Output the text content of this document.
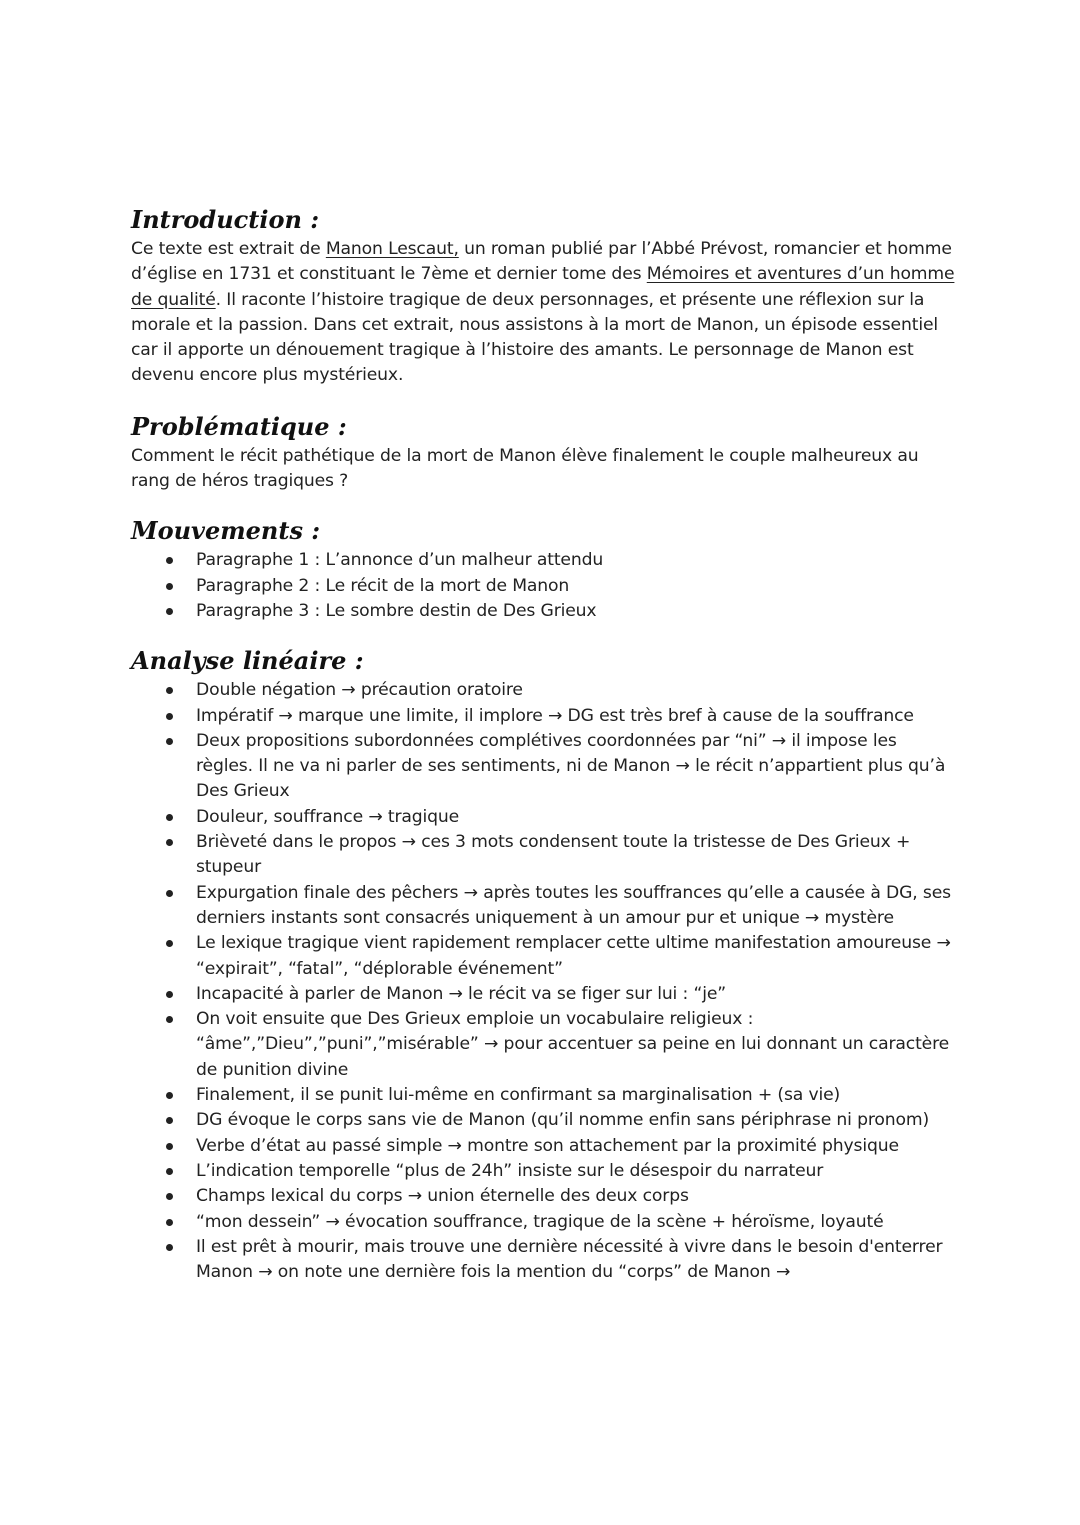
Introduction :

Ce texte est extrait de Manon Lescaut, un roman publié par l’Abbé Prévost, romancier et homme d’église en 1731 et constituant le 7ème et dernier tome des Mémoires et aventures d’un homme de qualité. Il raconte l’histoire tragique de deux personnages, et présente une réflexion sur la morale et la passion. Dans cet extrait, nous assistons à la mort de Manon, un épisode essentiel car il apporte un dénouement tragique à l’histoire des amants. Le personnage de Manon est devenu encore plus mystérieux.

Problématique :

Comment le récit pathétique de la mort de Manon élève finalement le couple malheureux au rang de héros tragiques ?

Mouvements :
Paragraphe 1 : L’annonce d’un malheur attendu
Paragraphe 2 : Le récit de la mort de Manon
Paragraphe 3 : Le sombre destin de Des Grieux
Analyse linéaire :
Double négation → précaution oratoire
Impératif → marque une limite, il implore → DG est très bref à cause de la souffrance
Deux propositions subordonnées complétives coordonnées par “ni” → il impose les règles. Il ne va ni parler de ses sentiments, ni de Manon → le récit n’appartient plus qu’à Des Grieux
Douleur, souffrance → tragique
Brièveté dans le propos → ces 3 mots condensent toute la tristesse de Des Grieux + stupeur
Expurgation finale des pêchers → après toutes les souffrances qu’elle a causée à DG, ses derniers instants sont consacrés uniquement à un amour pur et unique → mystère
Le lexique tragique vient rapidement remplacer cette ultime manifestation amoureuse → “expirait”, “fatal”, “déplorable événement”
Incapacité à parler de Manon → le récit va se figer sur lui : “je”
On voit ensuite que Des Grieux emploie un vocabulaire religieux : “âme”,”Dieu”,”puni”,”misérable” → pour accentuer sa peine en lui donnant un caractère de punition divine
Finalement, il se punit lui-même en confirmant sa marginalisation + (sa vie)
DG évoque le corps sans vie de Manon (qu’il nomme enfin sans périphrase ni pronom)
Verbe d’état au passé simple → montre son attachement par la proximité physique
L’indication temporelle “plus de 24h” insiste sur le désespoir du narrateur
Champs lexical du corps → union éternelle des deux corps
“mon dessein” → évocation souffrance, tragique de la scène + héroïsme, loyauté
Il est prêt à mourir, mais trouve une dernière nécessité à vivre dans le besoin d'enterrer Manon → on note une dernière fois la mention du “corps” de Manon →
